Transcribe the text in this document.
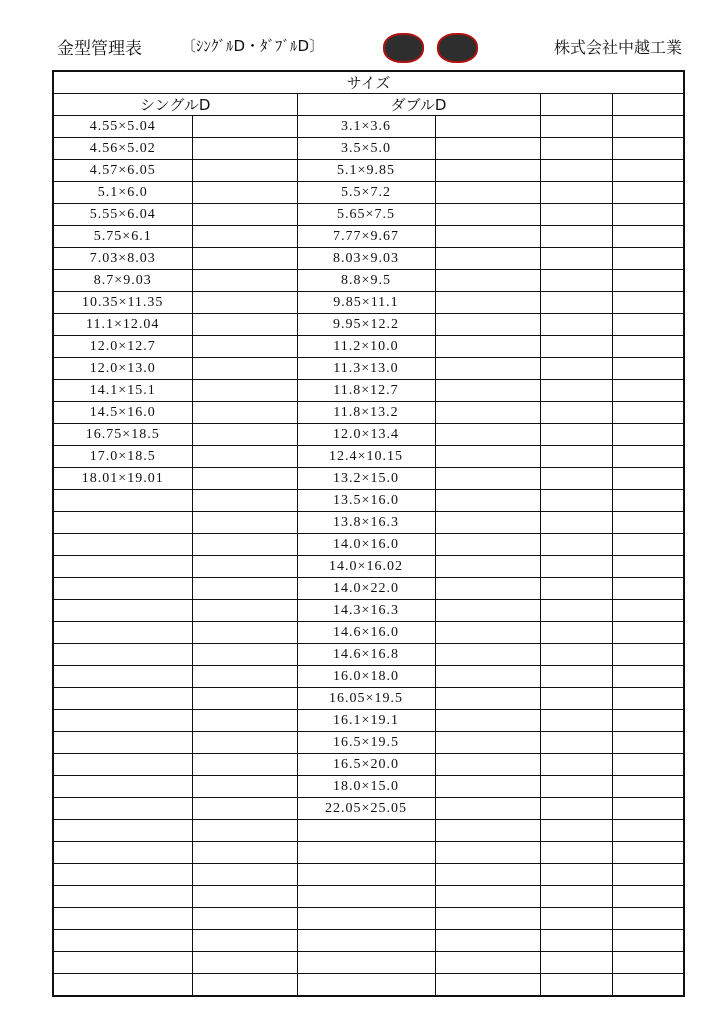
金型管理表	〔ｼﾝｸﾞﾙD・ﾀﾞﾌﾞﾙD〕	株式会社中越工業
サイズ					
シングルD		ダブルD			
4.55×5.04		3.1×3.6			
4.56×5.02		3.5×5.0			
4.57×6.05		5.1×9.85			
5.1×6.0		5.5×7.2			
5.55×6.04		5.65×7.5			
5.75×6.1		7.77×9.67			
7.03×8.03		8.03×9.03			
8.7×9.03		8.8×9.5			
10.35×11.35		9.85×11.1			
11.1×12.04		9.95×12.2			
12.0×12.7		11.2×10.0			
12.0×13.0		11.3×13.0			
14.1×15.1		11.8×12.7			
14.5×16.0		11.8×13.2			
16.75×18.5		12.0×13.4			
17.0×18.5		12.4×10.15			
18.01×19.01		13.2×15.0			
		13.5×16.0			
		13.8×16.3			
		14.0×16.0			
		14.0×16.02			
		14.0×22.0			
		14.3×16.3			
		14.6×16.0			
		14.6×16.8			
		16.0×18.0			
		16.05×19.5			
		16.1×19.1			
		16.5×19.5			
		16.5×20.0			
		18.0×15.0			
		22.05×25.05			
